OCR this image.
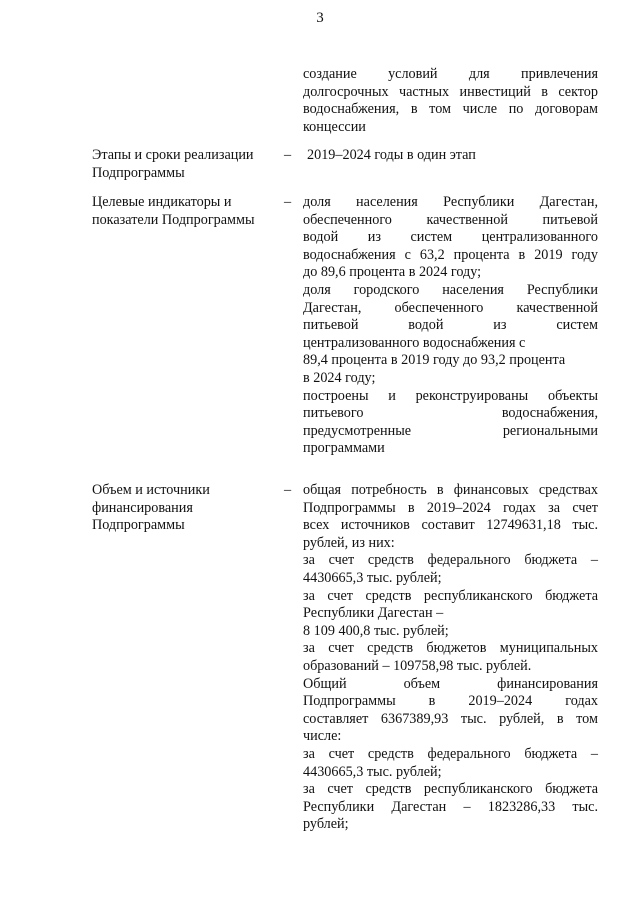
3
создание условий для привлечения
долгосрочных частных инвестиций в сектор
водоснабжения, в том числе по договорам
концессии
Этапы и сроки реализации
Подпрограммы
– 2019–2024 годы в один этап
Целевые индикаторы и
показатели Подпрограммы
– доля населения Республики Дагестан,
обеспеченного качественной питьевой
водой из систем централизованного
водоснабжения с 63,2 процента в 2019 году
до 89,6 процента в 2024 году;
доля городского населения Республики
Дагестан, обеспеченного качественной
питьевой водой из систем
централизованного водоснабжения с
89,4 процента в 2019 году до 93,2 процента
в 2024 году;
построены и реконструированы объекты
питьевого водоснабжения,
предусмотренные региональными
программами
Объем и источники
финансирования
Подпрограммы
– общая потребность в финансовых средствах
Подпрограммы в 2019–2024 годах за счет
всех источников составит 12749631,18 тыс.
рублей, из них:
за счет средств федерального бюджета –
4430665,3 тыс. рублей;
за счет средств республиканского бюджета
Республики Дагестан –
8 109 400,8 тыс. рублей;
за счет средств бюджетов муниципальных
образований – 109758,98 тыс. рублей.
Общий объем финансирования
Подпрограммы в 2019–2024 годах
составляет 6367389,93 тыс. рублей, в том
числе:
за счет средств федерального бюджета –
4430665,3 тыс. рублей;
за счет средств республиканского бюджета
Республики Дагестан – 1823286,33 тыс.
рублей;
